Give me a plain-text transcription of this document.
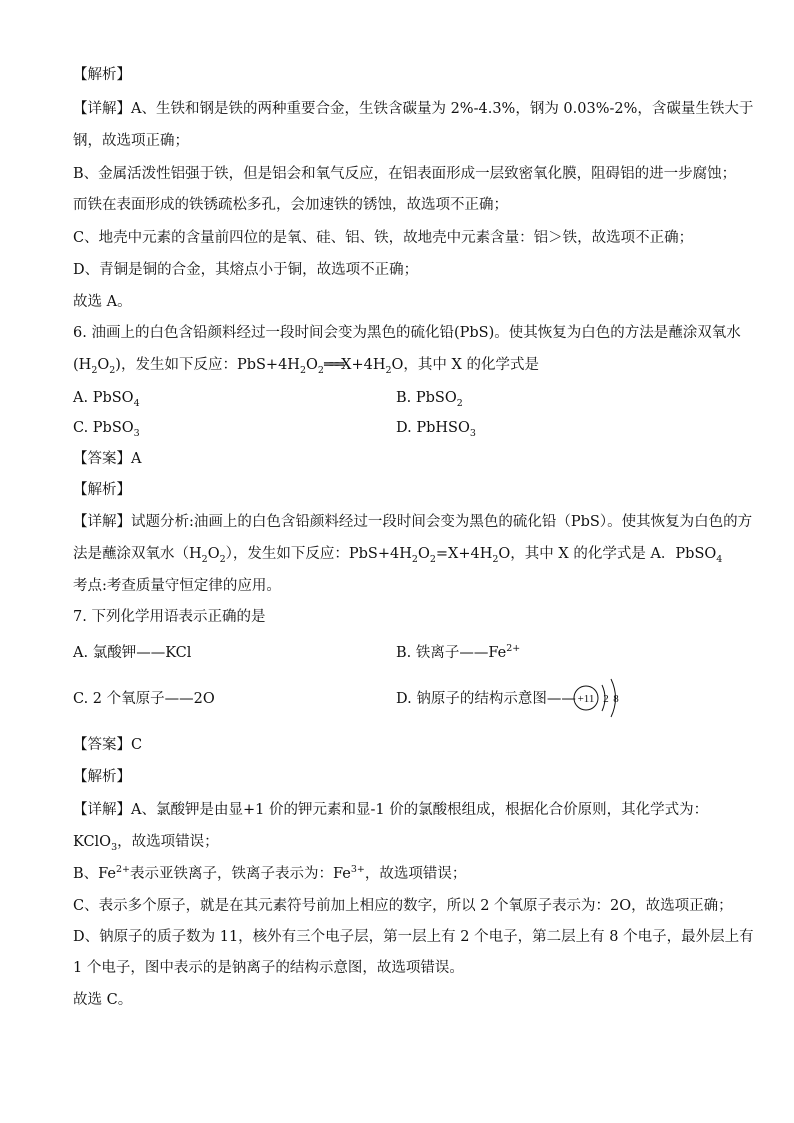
【解析】
【详解】A、生铁和钢是铁的两种重要合金，生铁含碳量为 2%-4.3%，钢为 0.03%-2%，含碳量生铁大于
钢，故选项正确；
B、金属活泼性铝强于铁，但是铝会和氧气反应，在铝表面形成一层致密氧化膜，阻碍铝的进一步腐蚀；
而铁在表面形成的铁锈疏松多孔，会加速铁的锈蚀，故选项不正确；
C、地壳中元素的含量前四位的是氧、硅、铝、铁，故地壳中元素含量：铝＞铁，故选项不正确；
D、青铜是铜的合金，其熔点小于铜，故选项不正确；
故选 A。
6. 油画上的白色含铅颜料经过一段时间会变为黑色的硫化铅(PbS)。使其恢复为白色的方法是蘸涂双氧水
$(H_2O_2)$，发生如下反应：$PbS+4H_2O_2═══X+4H_2O$，其中 X 的化学式是
A. PbSO$_4$	B. PbSO$_2$
C. PbSO$_3$	D. PbHSO$_3$
【答案】A
【解析】
【详解】试题分析:油画上的白色含铅颜料经过一段时间会变为黑色的硫化铅（PbS）。使其恢复为白色的方
法是蘸涂双氧水$(H_2O_2)$，发生如下反应：$PbS+4H_2O_2=X+4H_2O$，其中 X 的化学式是 A．PbSO$_4$
考点:考查质量守恒定律的应用。
7. 下列化学用语表示正确的是
A. 氯酸钾——KCl	B. 铁离子$——Fe^{2+}$
C. 2 个氧原子——2O	D. 钠原子的结构示意图—— +11 2 8
【答案】C
【解析】
【详解】A、氯酸钾是由显+1 价的钾元素和显-1 价的氯酸根组成，根据化合价原则，其化学式为：
KClO$_3$，故选项错误；
B、$Fe^{2+}$表示亚铁离子，铁离子表示为：$Fe^{3+}$，故选项错误；
C、表示多个原子，就是在其元素符号前加上相应的数字，所以 2 个氧原子表示为：2O，故选项正确；
D、钠原子的质子数为 11，核外有三个电子层，第一层上有 2 个电子，第二层上有 8 个电子，最外层上有
1 个电子，图中表示的是钠离子的结构示意图，故选项错误。
故选 C。
